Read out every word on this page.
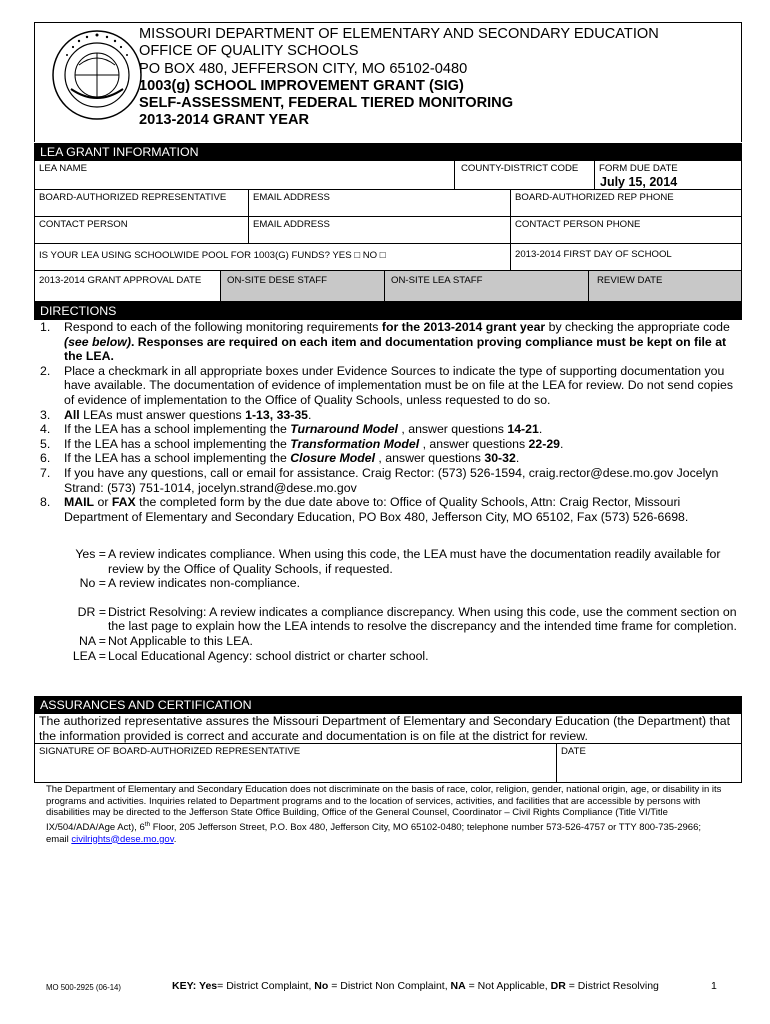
MISSOURI DEPARTMENT OF ELEMENTARY AND SECONDARY EDUCATION
OFFICE OF QUALITY SCHOOLS
PO BOX 480, JEFFERSON CITY, MO 65102-0480
1003(g) SCHOOL IMPROVEMENT GRANT (SIG)
SELF-ASSESSMENT, FEDERAL TIERED MONITORING
2013-2014 GRANT YEAR
LEA GRANT INFORMATION
LEA NAME	COUNTY-DISTRICT CODE	FORM DUE DATE
July 15, 2014
BOARD-AUTHORIZED REPRESENTATIVE	EMAIL ADDRESS	BOARD-AUTHORIZED REP PHONE
CONTACT PERSON	EMAIL ADDRESS	CONTACT PERSON PHONE
IS YOUR LEA USING SCHOOLWIDE POOL FOR 1003(G) FUNDS? YES □ NO □	2013-2014 FIRST DAY OF SCHOOL
2013-2014 GRANT APPROVAL DATE	ON-SITE DESE STAFF	ON-SITE LEA STAFF	REVIEW DATE
DIRECTIONS
1. Respond to each of the following monitoring requirements for the 2013-2014 grant year by checking the appropriate code (see below). Responses are required on each item and documentation proving compliance must be kept on file at the LEA.
2. Place a checkmark in all appropriate boxes under Evidence Sources to indicate the type of supporting documentation you have available. The documentation of evidence of implementation must be on file at the LEA for review. Do not send copies of evidence of implementation to the Office of Quality Schools, unless requested to do so.
3. All LEAs must answer questions 1-13, 33-35.
4. If the LEA has a school implementing the Turnaround Model , answer questions 14-21.
5. If the LEA has a school implementing the Transformation Model , answer questions 22-29.
6. If the LEA has a school implementing the Closure Model , answer questions 30-32.
7. If you have any questions, call or email for assistance. Craig Rector: (573) 526-1594, craig.rector@dese.mo.gov Jocelyn Strand: (573) 751-1014, jocelyn.strand@dese.mo.gov
8. MAIL or FAX the completed form by the due date above to: Office of Quality Schools, Attn: Craig Rector, Missouri Department of Elementary and Secondary Education, PO Box 480, Jefferson City, MO 65102, Fax (573) 526-6698.
Yes = A review indicates compliance. When using this code, the LEA must have the documentation readily available for review by the Office of Quality Schools, if requested.
No = A review indicates non-compliance.
DR = District Resolving: A review indicates a compliance discrepancy. When using this code, use the comment section on the last page to explain how the LEA intends to resolve the discrepancy and the intended time frame for completion.
NA = Not Applicable to this LEA.
LEA = Local Educational Agency: school district or charter school.
ASSURANCES AND CERTIFICATION
The authorized representative assures the Missouri Department of Elementary and Secondary Education (the Department) that the information provided is correct and accurate and documentation is on file at the district for review.
SIGNATURE OF BOARD-AUTHORIZED REPRESENTATIVE	DATE
The Department of Elementary and Secondary Education does not discriminate on the basis of race, color, religion, gender, national origin, age, or disability in its programs and activities. Inquiries related to Department programs and to the location of services, activities, and facilities that are accessible by persons with disabilities may be directed to the Jefferson State Office Building, Office of the General Counsel, Coordinator – Civil Rights Compliance (Title VI/Title IX/504/ADA/Age Act), 6th Floor, 205 Jefferson Street, P.O. Box 480, Jefferson City, MO 65102-0480; telephone number 573-526-4757 or TTY 800-735-2966; email civilrights@dese.mo.gov.
MO 500-2925 (06-14)	KEY: Yes= District Complaint, No = District Non Complaint, NA = Not Applicable, DR = District Resolving	1
